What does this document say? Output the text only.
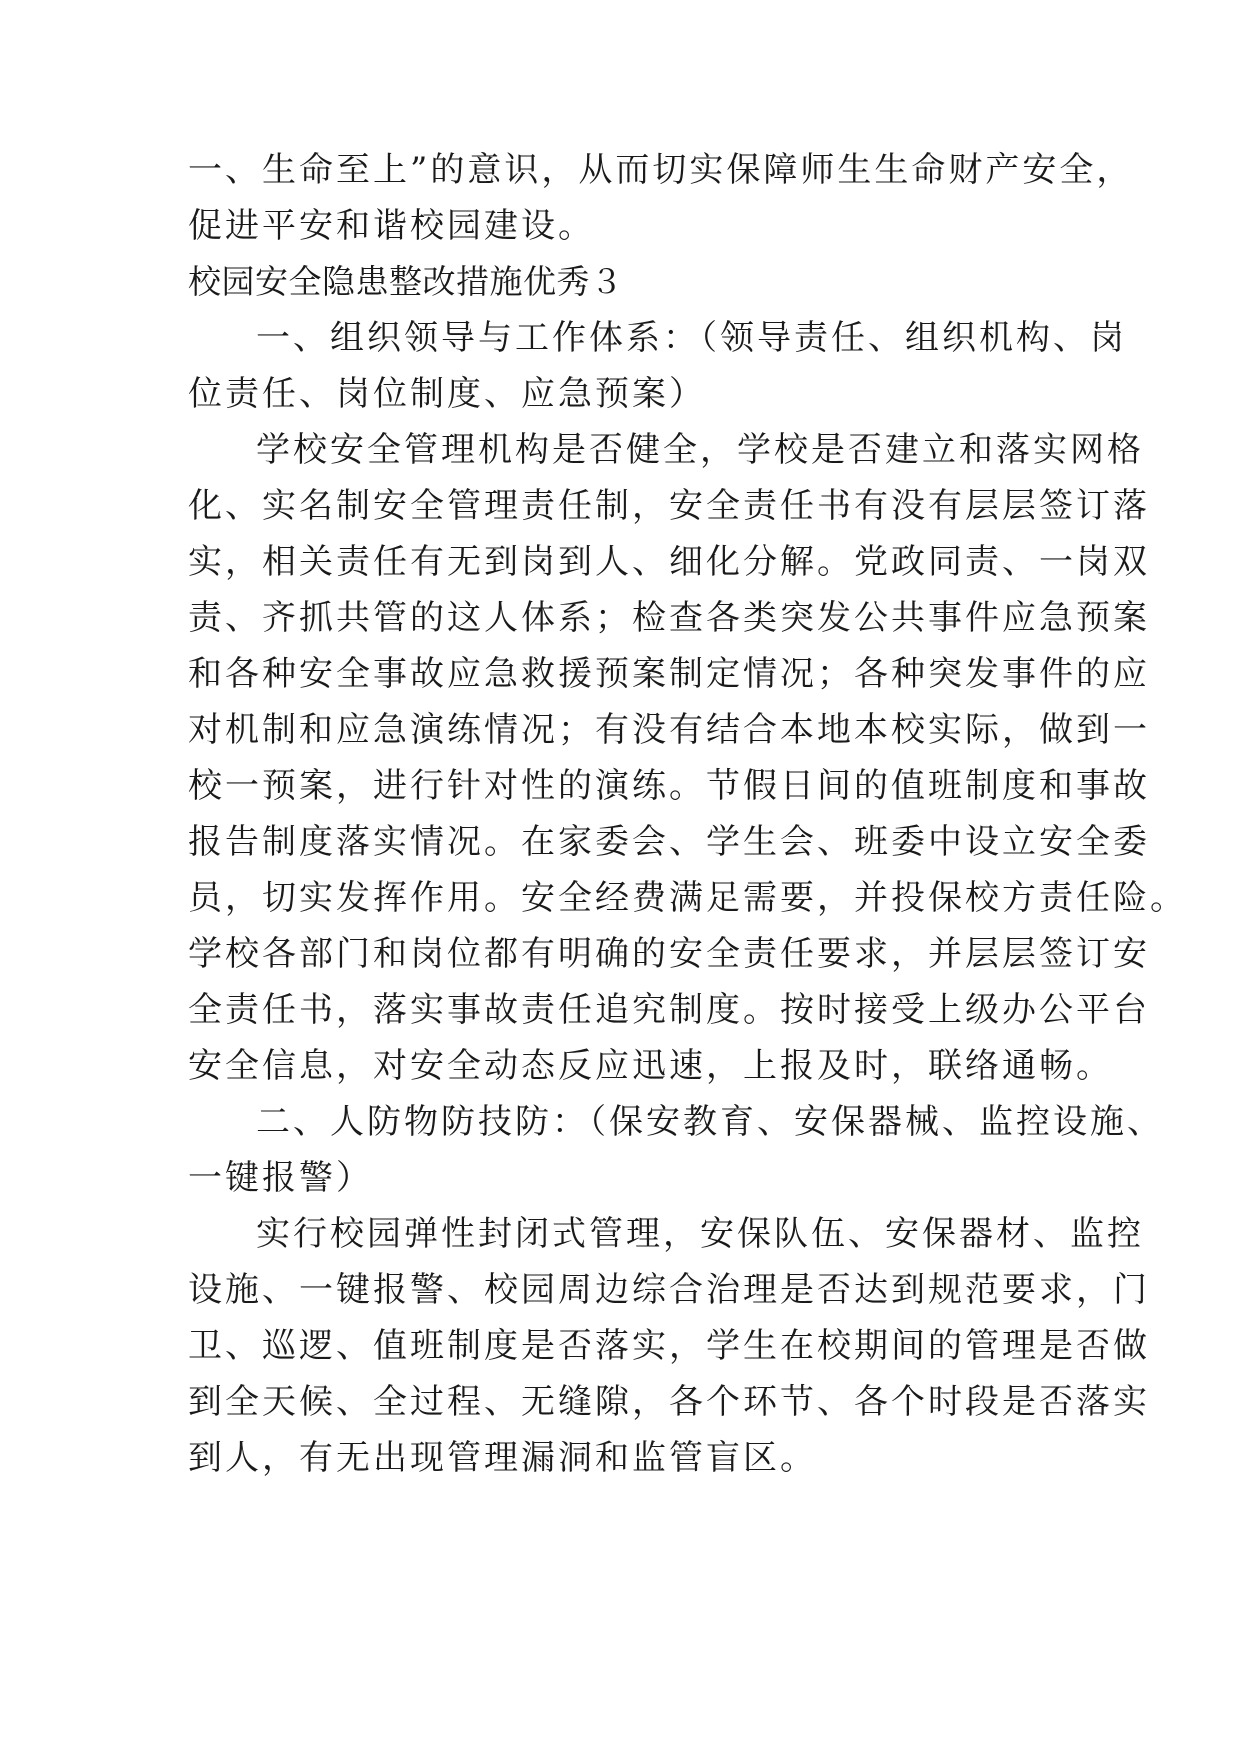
一、生命至上”的意识，从而切实保障师生生命财产安全，
促进平安和谐校园建设。
校园安全隐患整改措施优秀３
一、组织领导与工作体系：（领导责任、组织机构、岗
位责任、岗位制度、应急预案）
学校安全管理机构是否健全，学校是否建立和落实网格
化、实名制安全管理责任制，安全责任书有没有层层签订落
实，相关责任有无到岗到人、细化分解。党政同责、一岗双
责、齐抓共管的这人体系；检查各类突发公共事件应急预案
和各种安全事故应急救援预案制定情况；各种突发事件的应
对机制和应急演练情况；有没有结合本地本校实际，做到一
校一预案，进行针对性的演练。节假日间的值班制度和事故
报告制度落实情况。在家委会、学生会、班委中设立安全委
员，切实发挥作用。安全经费满足需要，并投保校方责任险。
学校各部门和岗位都有明确的安全责任要求，并层层签订安
全责任书，落实事故责任追究制度。按时接受上级办公平台
安全信息，对安全动态反应迅速，上报及时，联络通畅。
二、人防物防技防：（保安教育、安保器械、监控设施、
一键报警）
实行校园弹性封闭式管理，安保队伍、安保器材、监控
设施、一键报警、校园周边综合治理是否达到规范要求，门
卫、巡逻、值班制度是否落实，学生在校期间的管理是否做
到全天候、全过程、无缝隙，各个环节、各个时段是否落实
到人，有无出现管理漏洞和监管盲区。
